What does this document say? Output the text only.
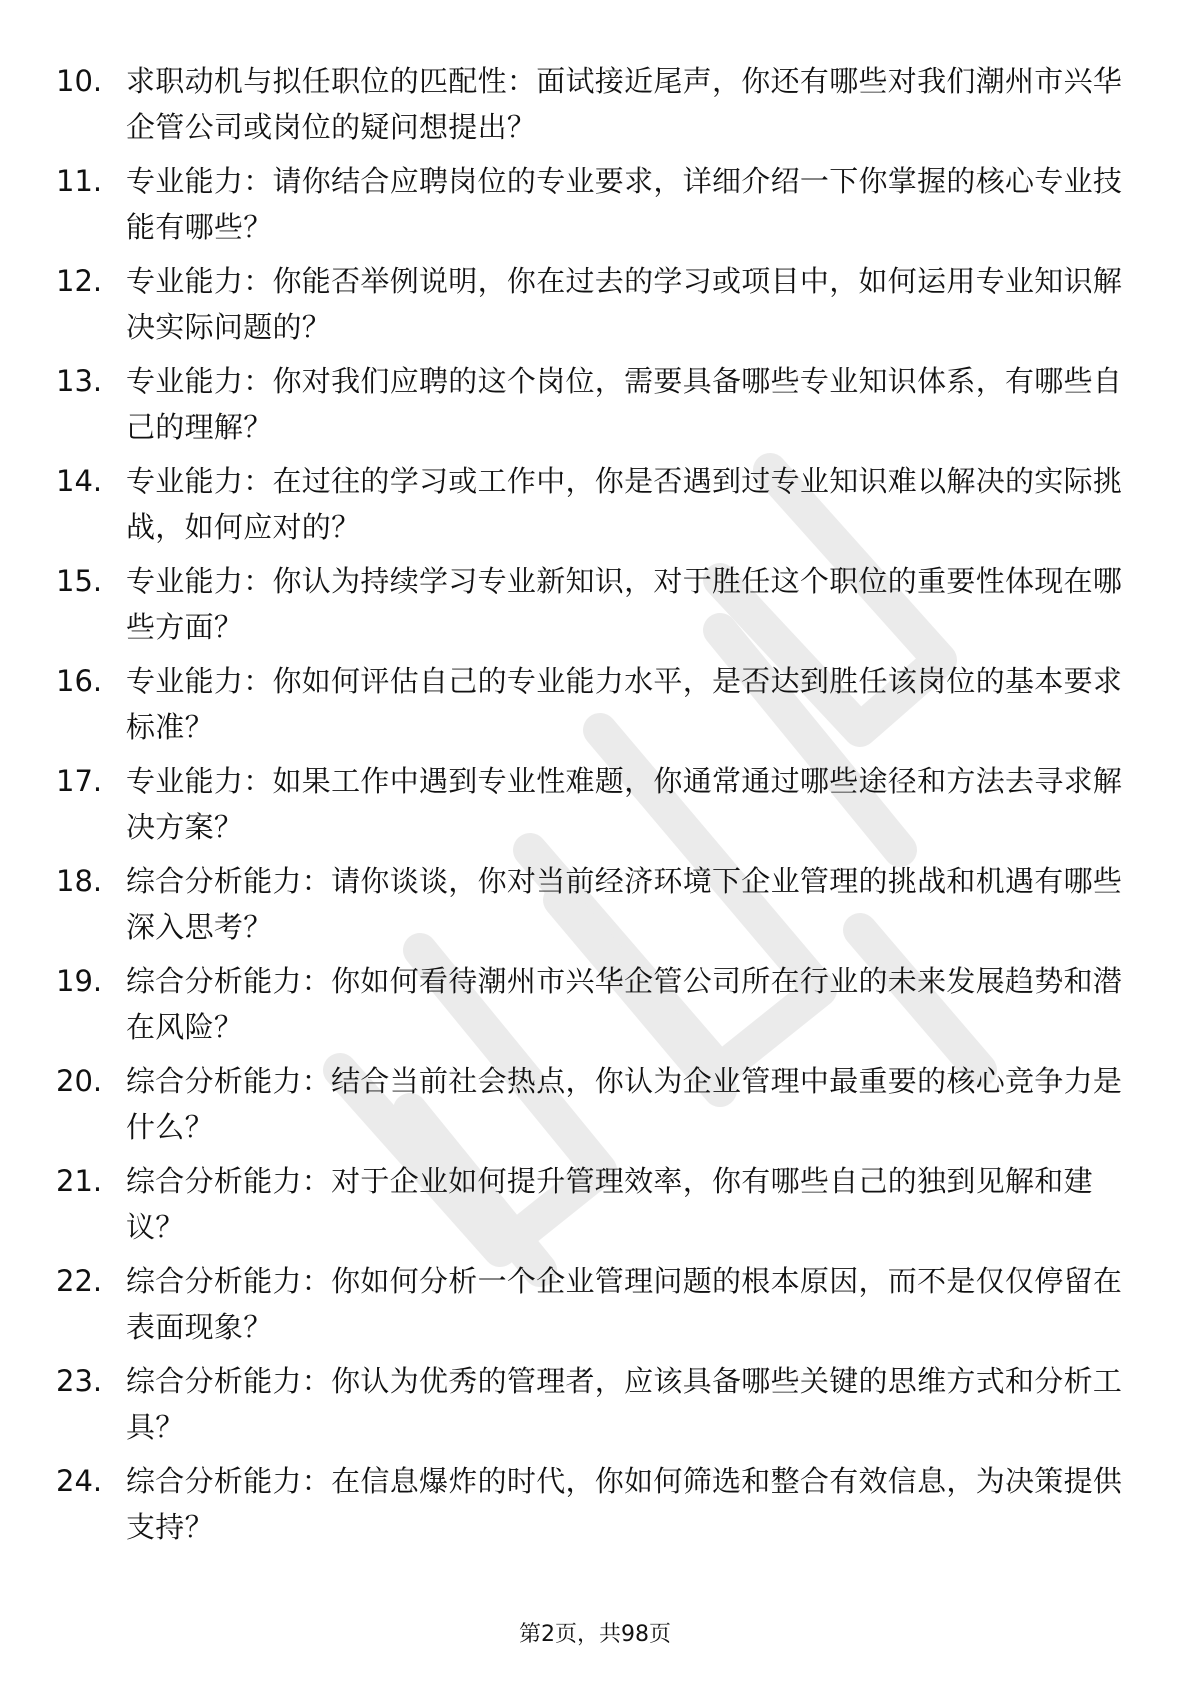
10. 求职动机与拟任职位的匹配性：面试接近尾声，你还有哪些对我们潮州市兴华企管公司或岗位的疑问想提出？
11. 专业能力：请你结合应聘岗位的专业要求，详细介绍一下你掌握的核心专业技能有哪些？
12. 专业能力：你能否举例说明，你在过去的学习或项目中，如何运用专业知识解决实际问题的？
13. 专业能力：你对我们应聘的这个岗位，需要具备哪些专业知识体系，有哪些自己的理解？
14. 专业能力：在过往的学习或工作中，你是否遇到过专业知识难以解决的实际挑战，如何应对的？
15. 专业能力：你认为持续学习专业新知识，对于胜任这个职位的重要性体现在哪些方面？
16. 专业能力：你如何评估自己的专业能力水平，是否达到胜任该岗位的基本要求标准？
17. 专业能力：如果工作中遇到专业性难题，你通常通过哪些途径和方法去寻求解决方案？
18. 综合分析能力：请你谈谈，你对当前经济环境下企业管理的挑战和机遇有哪些深入思考？
19. 综合分析能力：你如何看待潮州市兴华企管公司所在行业的未来发展趋势和潜在风险？
20. 综合分析能力：结合当前社会热点，你认为企业管理中最重要的核心竞争力是什么？
21. 综合分析能力：对于企业如何提升管理效率，你有哪些自己的独到见解和建议？
22. 综合分析能力：你如何分析一个企业管理问题的根本原因，而不是仅仅停留在表面现象？
23. 综合分析能力：你认为优秀的管理者，应该具备哪些关键的思维方式和分析工具？
24. 综合分析能力：在信息爆炸的时代，你如何筛选和整合有效信息，为决策提供支持？
第2页，共98页
